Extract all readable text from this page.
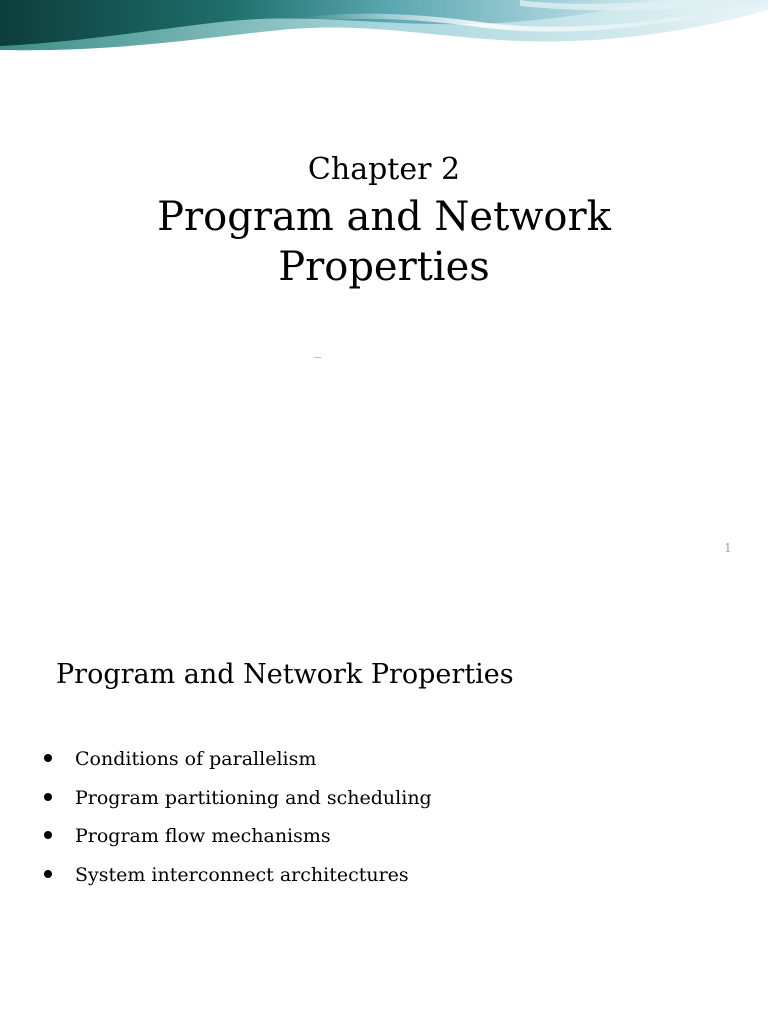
Chapter 2
Program and Network
Properties
1
Program and Network Properties
Conditions of parallelism
Program partitioning and scheduling
Program flow mechanisms
System interconnect architectures
